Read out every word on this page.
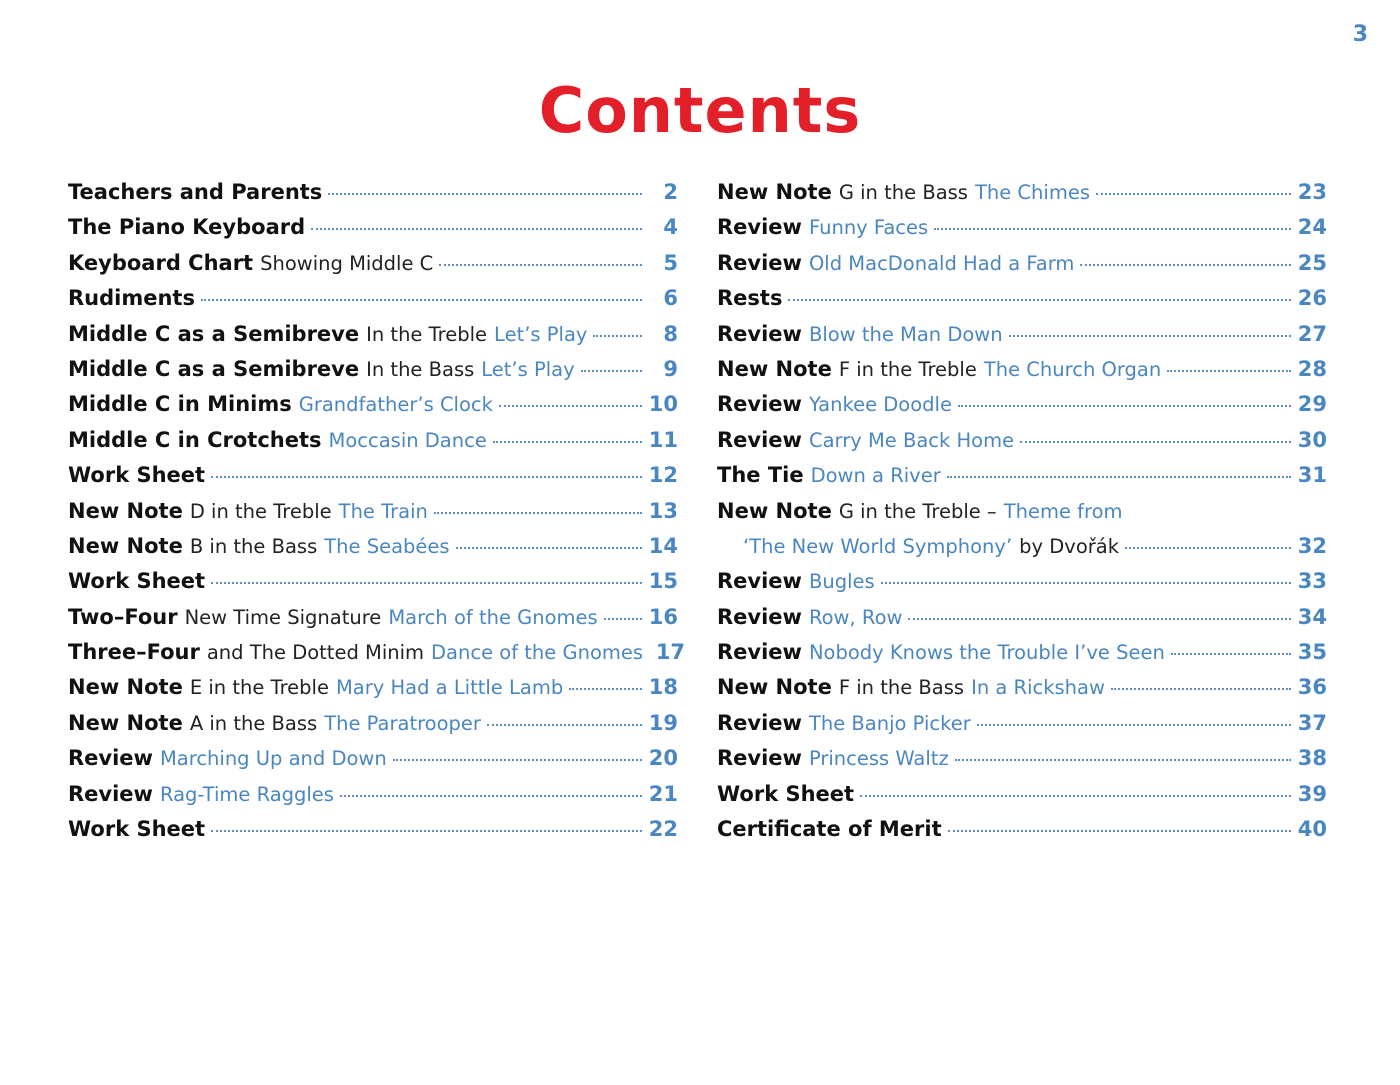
3
Contents
Teachers and Parents	2
The Piano Keyboard	4
Keyboard Chart Showing Middle C	5
Rudiments	6
Middle C as a Semibreve In the Treble Let’s Play	8
Middle C as a Semibreve In the Bass Let’s Play	9
Middle C in Minims Grandfather’s Clock	10
Middle C in Crotchets Moccasin Dance	11
Work Sheet	12
New Note D in the Treble The Train	13
New Note B in the Bass The Seabées	14
Work Sheet	15
Two–Four New Time Signature March of the Gnomes 16
Three–Four and The Dotted Minim Dance of the Gnomes 17
New Note E in the Treble Mary Had a Little Lamb	18
New Note A in the Bass The Paratrooper	19
Review Marching Up and Down	20
Review Rag-Time Raggles	21
Work Sheet	22
New Note G in the Bass The Chimes	23
Review Funny Faces	24
Review Old MacDonald Had a Farm	25
Rests	26
Review Blow the Man Down	27
New Note F in the Treble The Church Organ	28
Review Yankee Doodle	29
Review Carry Me Back Home	30
The Tie Down a River	31
New Note G in the Treble – Theme from
‘The New World Symphony’ by Dvořák	32
Review Bugles	33
Review Row, Row	34
Review Nobody Knows the Trouble I’ve Seen	35
New Note F in the Bass In a Rickshaw	36
Review The Banjo Picker	37
Review Princess Waltz	38
Work Sheet	39
Certificate of Merit	40
